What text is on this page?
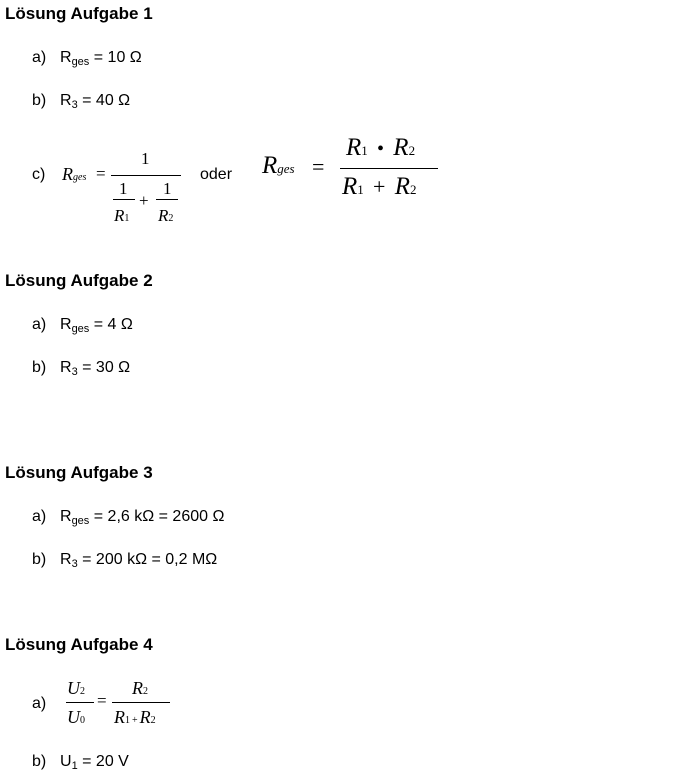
Lösung Aufgabe 1
a) Rges = 10 Ω
b) R3 = 40 Ω
c) Rges =
1
1
R1
+
1
R2
oder Rges =
R1 • R2
R1 + R2
Lösung Aufgabe 2
a) Rges = 4 Ω
b) R3 = 30 Ω
Lösung Aufgabe 3
a) Rges = 2,6 kΩ = 2600 Ω
b) R3 = 200 kΩ = 0,2 MΩ
Lösung Aufgabe 4
a)
U2
U0
=
R2
R1 + R2
b) U1 = 20 V
